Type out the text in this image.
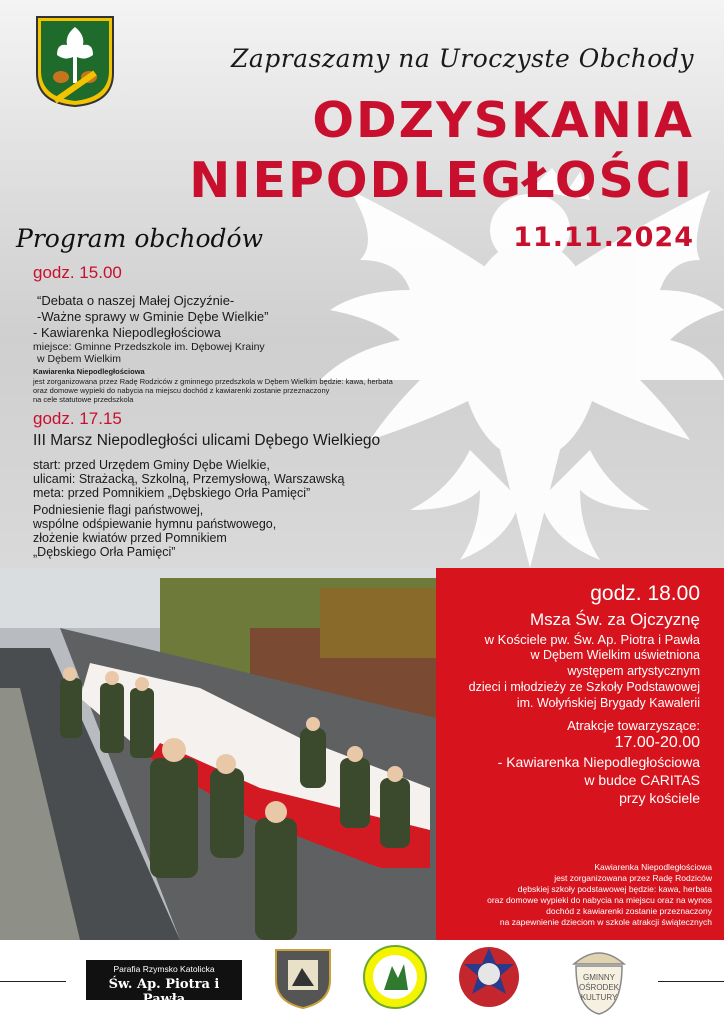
Zapraszamy na Uroczyste Obchody
ODZYSKANIA
NIEPODLEGŁOŚCI
11.11.2024
Program obchodów
godz. 15.00
“Debata o naszej Małej Ojczyźnie-
-Ważne sprawy w Gminie Dębe Wielkie”
- Kawiarenka Niepodległościowa
miejsce: Gminne Przedszkole im. Dębowej Krainy
w Dębem Wielkim
Kawiarenka Niepodległościowa
jest zorganizowana przez Radę Rodziców z gminnego przedszkola w Dębem Wielkim będzie: kawa, herbata
oraz domowe wypieki do nabycia na miejscu dochód z kawiarenki zostanie przeznaczony
na cele statutowe przedszkola
godz. 17.15
III Marsz Niepodległości ulicami Dębego Wielkiego
start: przed Urzędem Gminy Dębe Wielkie,
ulicami: Strażacką, Szkolną, Przemysłową, Warszawską
meta: przed Pomnikiem „Dębskiego Orła Pamięci”
Podniesienie flagi państwowej,
wspólne odśpiewanie hymnu państwowego,
złożenie kwiatów przed Pomnikiem
„Dębskiego Orła Pamięci”
godz. 18.00
Msza Św. za Ojczyznę
w Kościele pw. Św. Ap. Piotra i Pawła
w Dębem Wielkim uświetniona
występem artystycznym
dzieci i młodzieży ze Szkoły Podstawowej
im. Wołyńskiej Brygady Kawalerii
Atrakcje towarzyszące:
17.00-20.00
- Kawiarenka Niepodległościowa
w budce CARITAS
przy kościele
Kawiarenka Niepodległościowa
jest zorganizowana przez Radę Rodziców
dębskiej szkoły podstawowej będzie: kawa, herbata
oraz domowe wypieki do nabycia na miejscu oraz na wynos
dochód z kawiarenki zostanie przeznaczony
na zapewnienie dzieciom w szkole atrakcji świątecznych
Parafia Rzymsko Katolicka
Św. Ap. Piotra i Pawła
GMINNY
OŚRODEK
KULTURY
